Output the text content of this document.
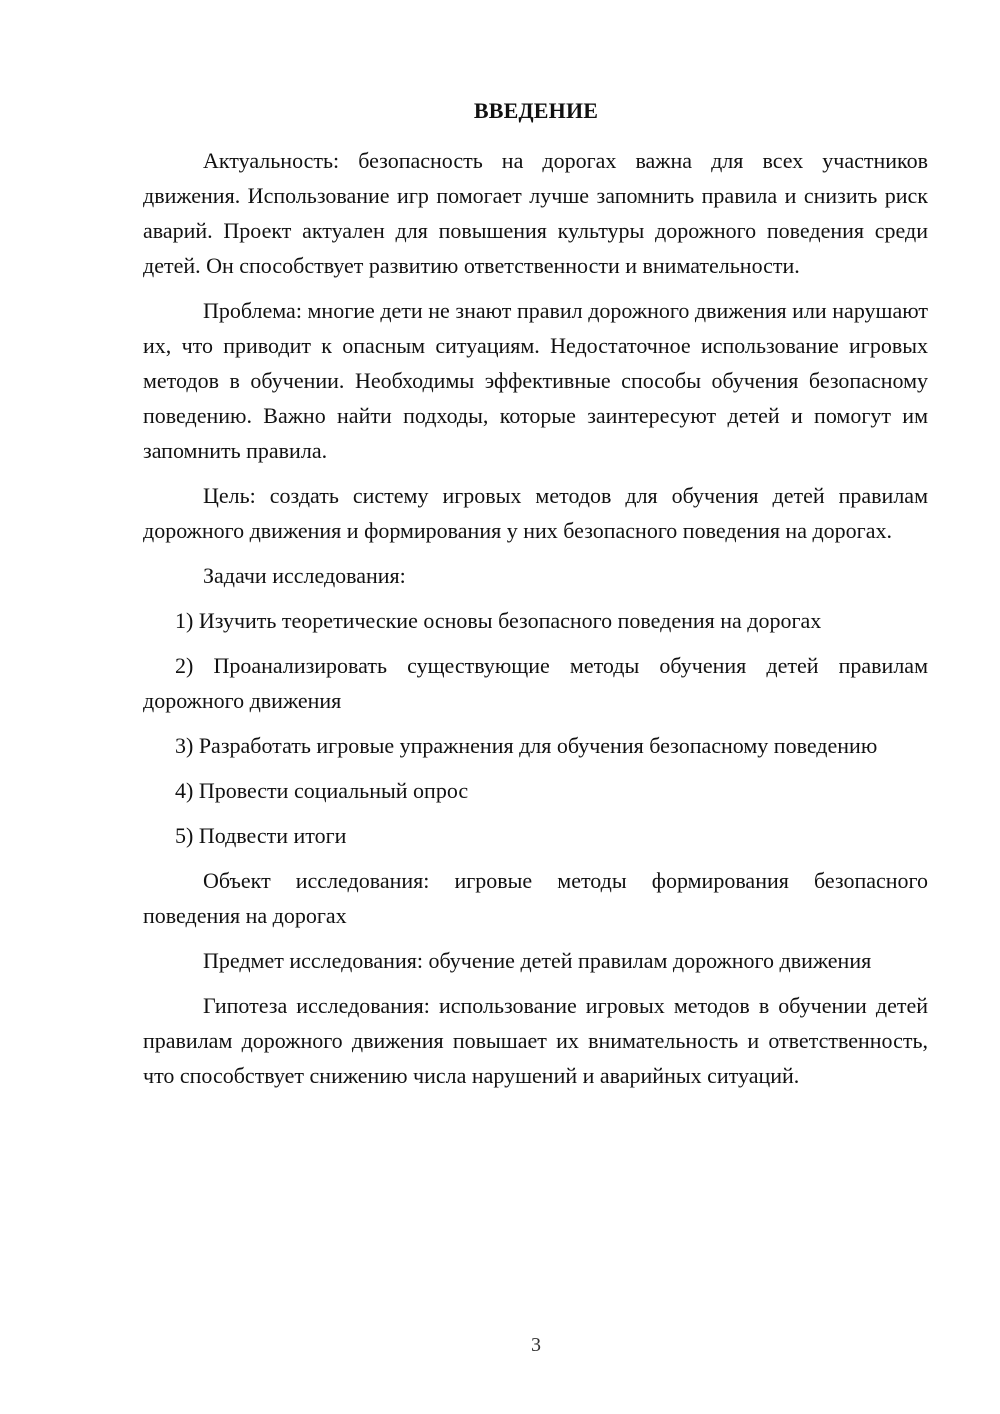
ВВЕДЕНИЕ

Актуальность: безопасность на дорогах важна для всех участников движения. Использование игр помогает лучше запомнить правила и снизить риск аварий. Проект актуален для повышения культуры дорожного поведения среди детей. Он способствует развитию ответственности и внимательности.

Проблема: многие дети не знают правил дорожного движения или нарушают их, что приводит к опасным ситуациям. Недостаточное использование игровых методов в обучении. Необходимы эффективные способы обучения безопасному поведению. Важно найти подходы, которые заинтересуют детей и помогут им запомнить правила.

Цель: создать систему игровых методов для обучения детей правилам дорожного движения и формирования у них безопасного поведения на дорогах.

Задачи исследования:

1) Изучить теоретические основы безопасного поведения на дорогах

2) Проанализировать существующие методы обучения детей правилам дорожного движения

3) Разработать игровые упражнения для обучения безопасному поведению

4) Провести социальный опрос

5) Подвести итоги

Объект исследования: игровые методы формирования безопасного поведения на дорогах

Предмет исследования: обучение детей правилам дорожного движения

Гипотеза исследования: использование игровых методов в обучении детей правилам дорожного движения повышает их внимательность и ответственность, что способствует снижению числа нарушений и аварийных ситуаций.

3
